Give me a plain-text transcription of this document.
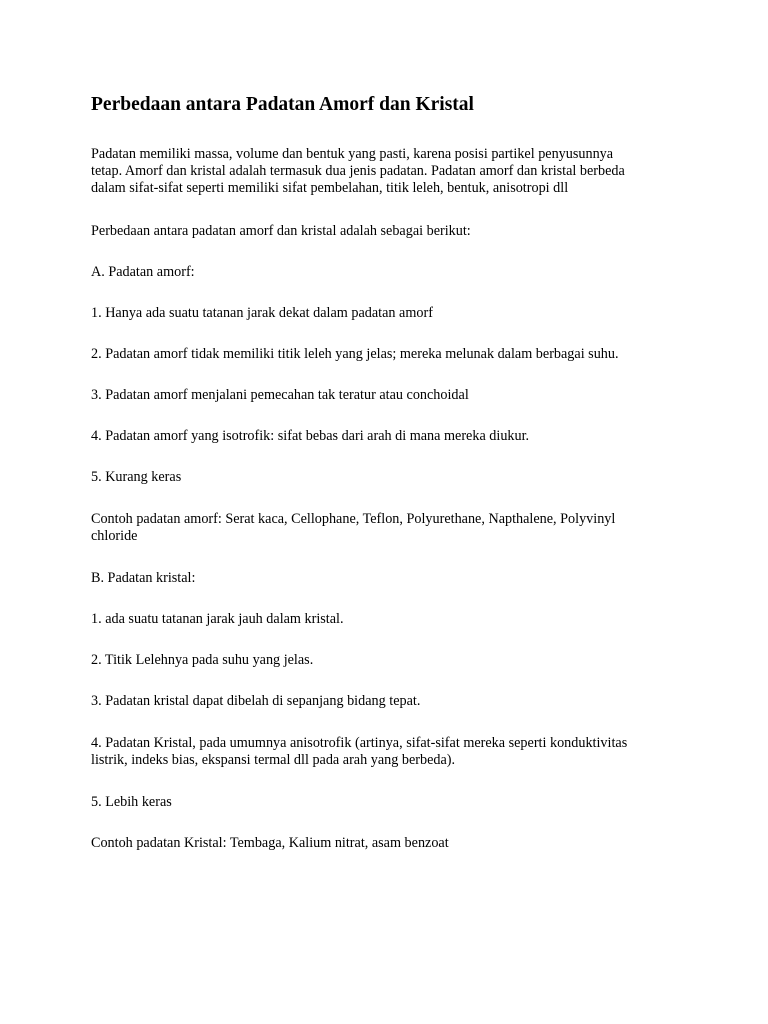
Perbedaan antara Padatan Amorf dan Kristal

Padatan memiliki massa, volume dan bentuk yang pasti, karena posisi partikel penyusunnya
tetap. Amorf dan kristal adalah termasuk dua jenis padatan. Padatan amorf dan kristal berbeda
dalam sifat-sifat seperti memiliki sifat pembelahan, titik leleh, bentuk, anisotropi dll

Perbedaan antara padatan amorf dan kristal adalah sebagai berikut:

A. Padatan amorf:

1. Hanya ada suatu tatanan jarak dekat dalam padatan amorf

2. Padatan amorf tidak memiliki titik leleh yang jelas; mereka melunak dalam berbagai suhu.

3. Padatan amorf menjalani pemecahan tak teratur atau conchoidal

4. Padatan amorf yang isotrofik: sifat bebas dari arah di mana mereka diukur.

5. Kurang keras

Contoh padatan amorf: Serat kaca, Cellophane, Teflon, Polyurethane, Napthalene, Polyvinyl
chloride

B. Padatan kristal:

1. ada suatu tatanan jarak jauh dalam kristal.

2. Titik Lelehnya pada suhu yang jelas.

3. Padatan kristal dapat dibelah di sepanjang bidang tepat.

4. Padatan Kristal, pada umumnya anisotrofik (artinya, sifat-sifat mereka seperti konduktivitas
listrik, indeks bias, ekspansi termal dll pada arah yang berbeda).

5. Lebih keras

Contoh padatan Kristal: Tembaga, Kalium nitrat, asam benzoat
